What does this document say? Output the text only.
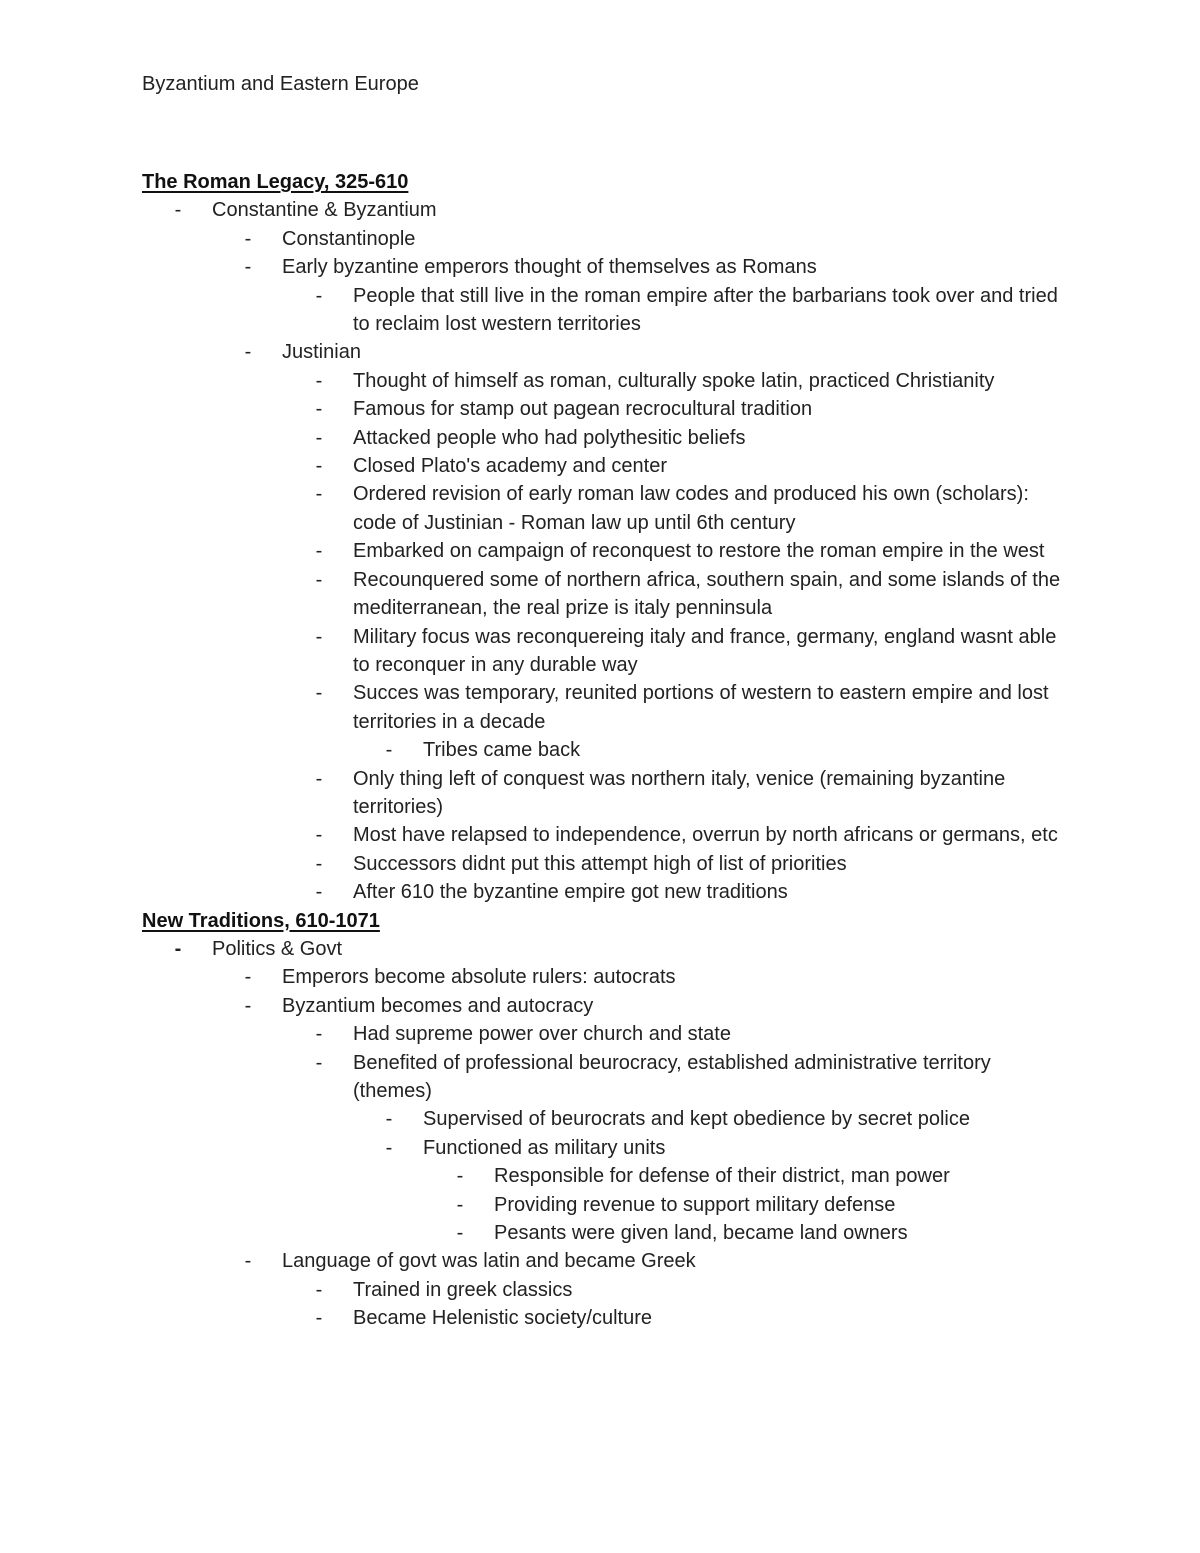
Byzantium and Eastern Europe
The Roman Legacy, 325-610
- Constantine & Byzantium
- Constantinople
- Early byzantine emperors thought of themselves as Romans
- People that still live in the roman empire after the barbarians took over and tried to reclaim lost western territories
- Justinian
- Thought of himself as roman, culturally spoke latin, practiced Christianity
- Famous for stamp out pagean recrocultural tradition
- Attacked people who had polythesitic beliefs
- Closed Plato's academy and center
- Ordered revision of early roman law codes and produced his own (scholars): code of Justinian - Roman law up until 6th century
- Embarked on campaign of reconquest to restore the roman empire in the west
- Recounquered some of northern africa, southern spain, and some islands of the mediterranean, the real prize is italy penninsula
- Military focus was reconquereing italy and france, germany, england wasnt able to reconquer in any durable way
- Succes was temporary, reunited portions of western to eastern empire and lost territories in a decade
- Tribes came back
- Only thing left of conquest was northern italy, venice (remaining byzantine territories)
- Most have relapsed to independence, overrun by north africans or germans, etc
- Successors didnt put this attempt high of list of priorities
- After 610 the byzantine empire got new traditions
New Traditions, 610-1071
- Politics & Govt
- Emperors become absolute rulers: autocrats
- Byzantium becomes and autocracy
- Had supreme power over church and state
- Benefited of professional beurocracy, established administrative territory (themes)
- Supervised of beurocrats and kept obedience by secret police
- Functioned as military units
- Responsible for defense of their district, man power
- Providing revenue to support military defense
- Pesants were given land, became land owners
- Language of govt was latin and became Greek
- Trained in greek classics
- Became Helenistic society/culture
